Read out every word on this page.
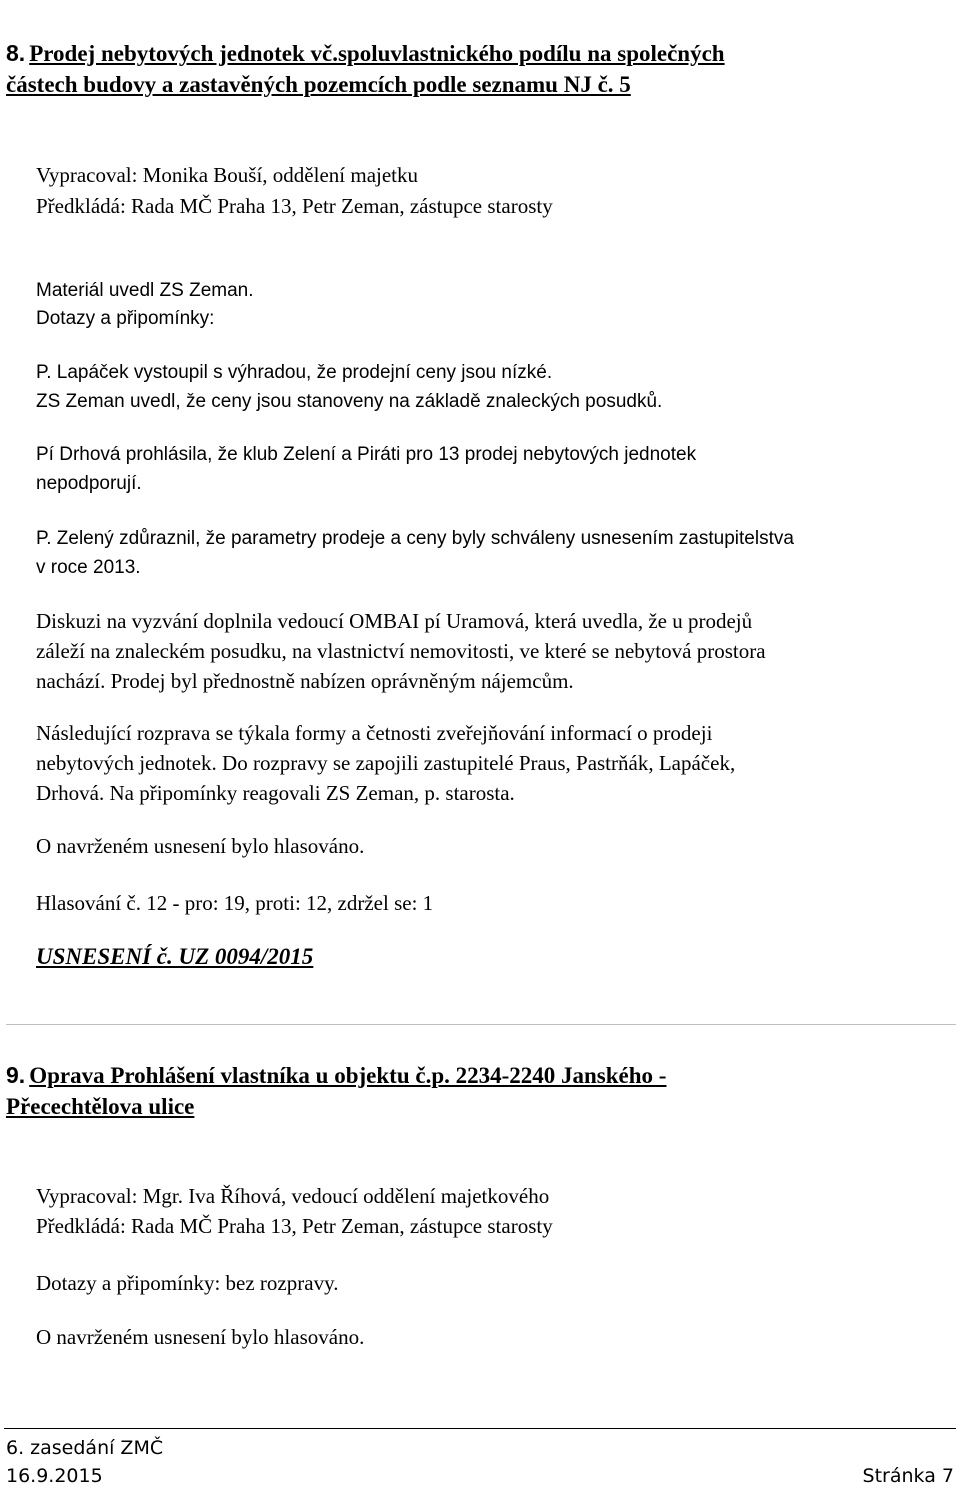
8. Prodej nebytových jednotek vč.spoluvlastnického podílu na společných
částech budovy a zastavěných pozemcích podle seznamu NJ č. 5
Vypracoval: Monika Bouší, oddělení majetku
Předkládá: Rada MČ Praha 13, Petr Zeman, zástupce starosty
Materiál uvedl ZS Zeman.
Dotazy a připomínky:
P. Lapáček vystoupil s výhradou, že prodejní ceny jsou nízké.
ZS Zeman uvedl, že ceny jsou stanoveny na základě znaleckých posudků.
Pí Drhová prohlásila, že klub Zelení a Piráti pro 13 prodej nebytových jednotek
nepodporují.
P. Zelený zdůraznil, že parametry prodeje a ceny byly schváleny usnesením zastupitelstva
v roce 2013.
Diskuzi na vyzvání doplnila vedoucí OMBAI pí Uramová, která uvedla, že u prodejů
záleží na znaleckém posudku, na vlastnictví nemovitosti, ve které se nebytová prostora
nachází. Prodej byl přednostně nabízen oprávněným nájemcům.
Následující rozprava se týkala formy a četnosti zveřejňování informací o prodeji
nebytových jednotek. Do rozpravy se zapojili zastupitelé Praus, Pastrňák, Lapáček,
Drhová. Na připomínky reagovali ZS Zeman, p. starosta.
O navrženém usnesení bylo hlasováno.
Hlasování č. 12 - pro: 19, proti: 12, zdržel se: 1
USNESENÍ č. UZ 0094/2015
9. Oprava Prohlášení vlastníka u objektu č.p. 2234-2240 Janského -
Přecechtělova ulice
Vypracoval: Mgr. Iva Říhová, vedoucí oddělení majetkového
Předkládá: Rada MČ Praha 13, Petr Zeman, zástupce starosty
Dotazy a připomínky: bez rozpravy.
O navrženém usnesení bylo hlasováno.
6. zasedání ZMČ
16.9.2015	Stránka 7
